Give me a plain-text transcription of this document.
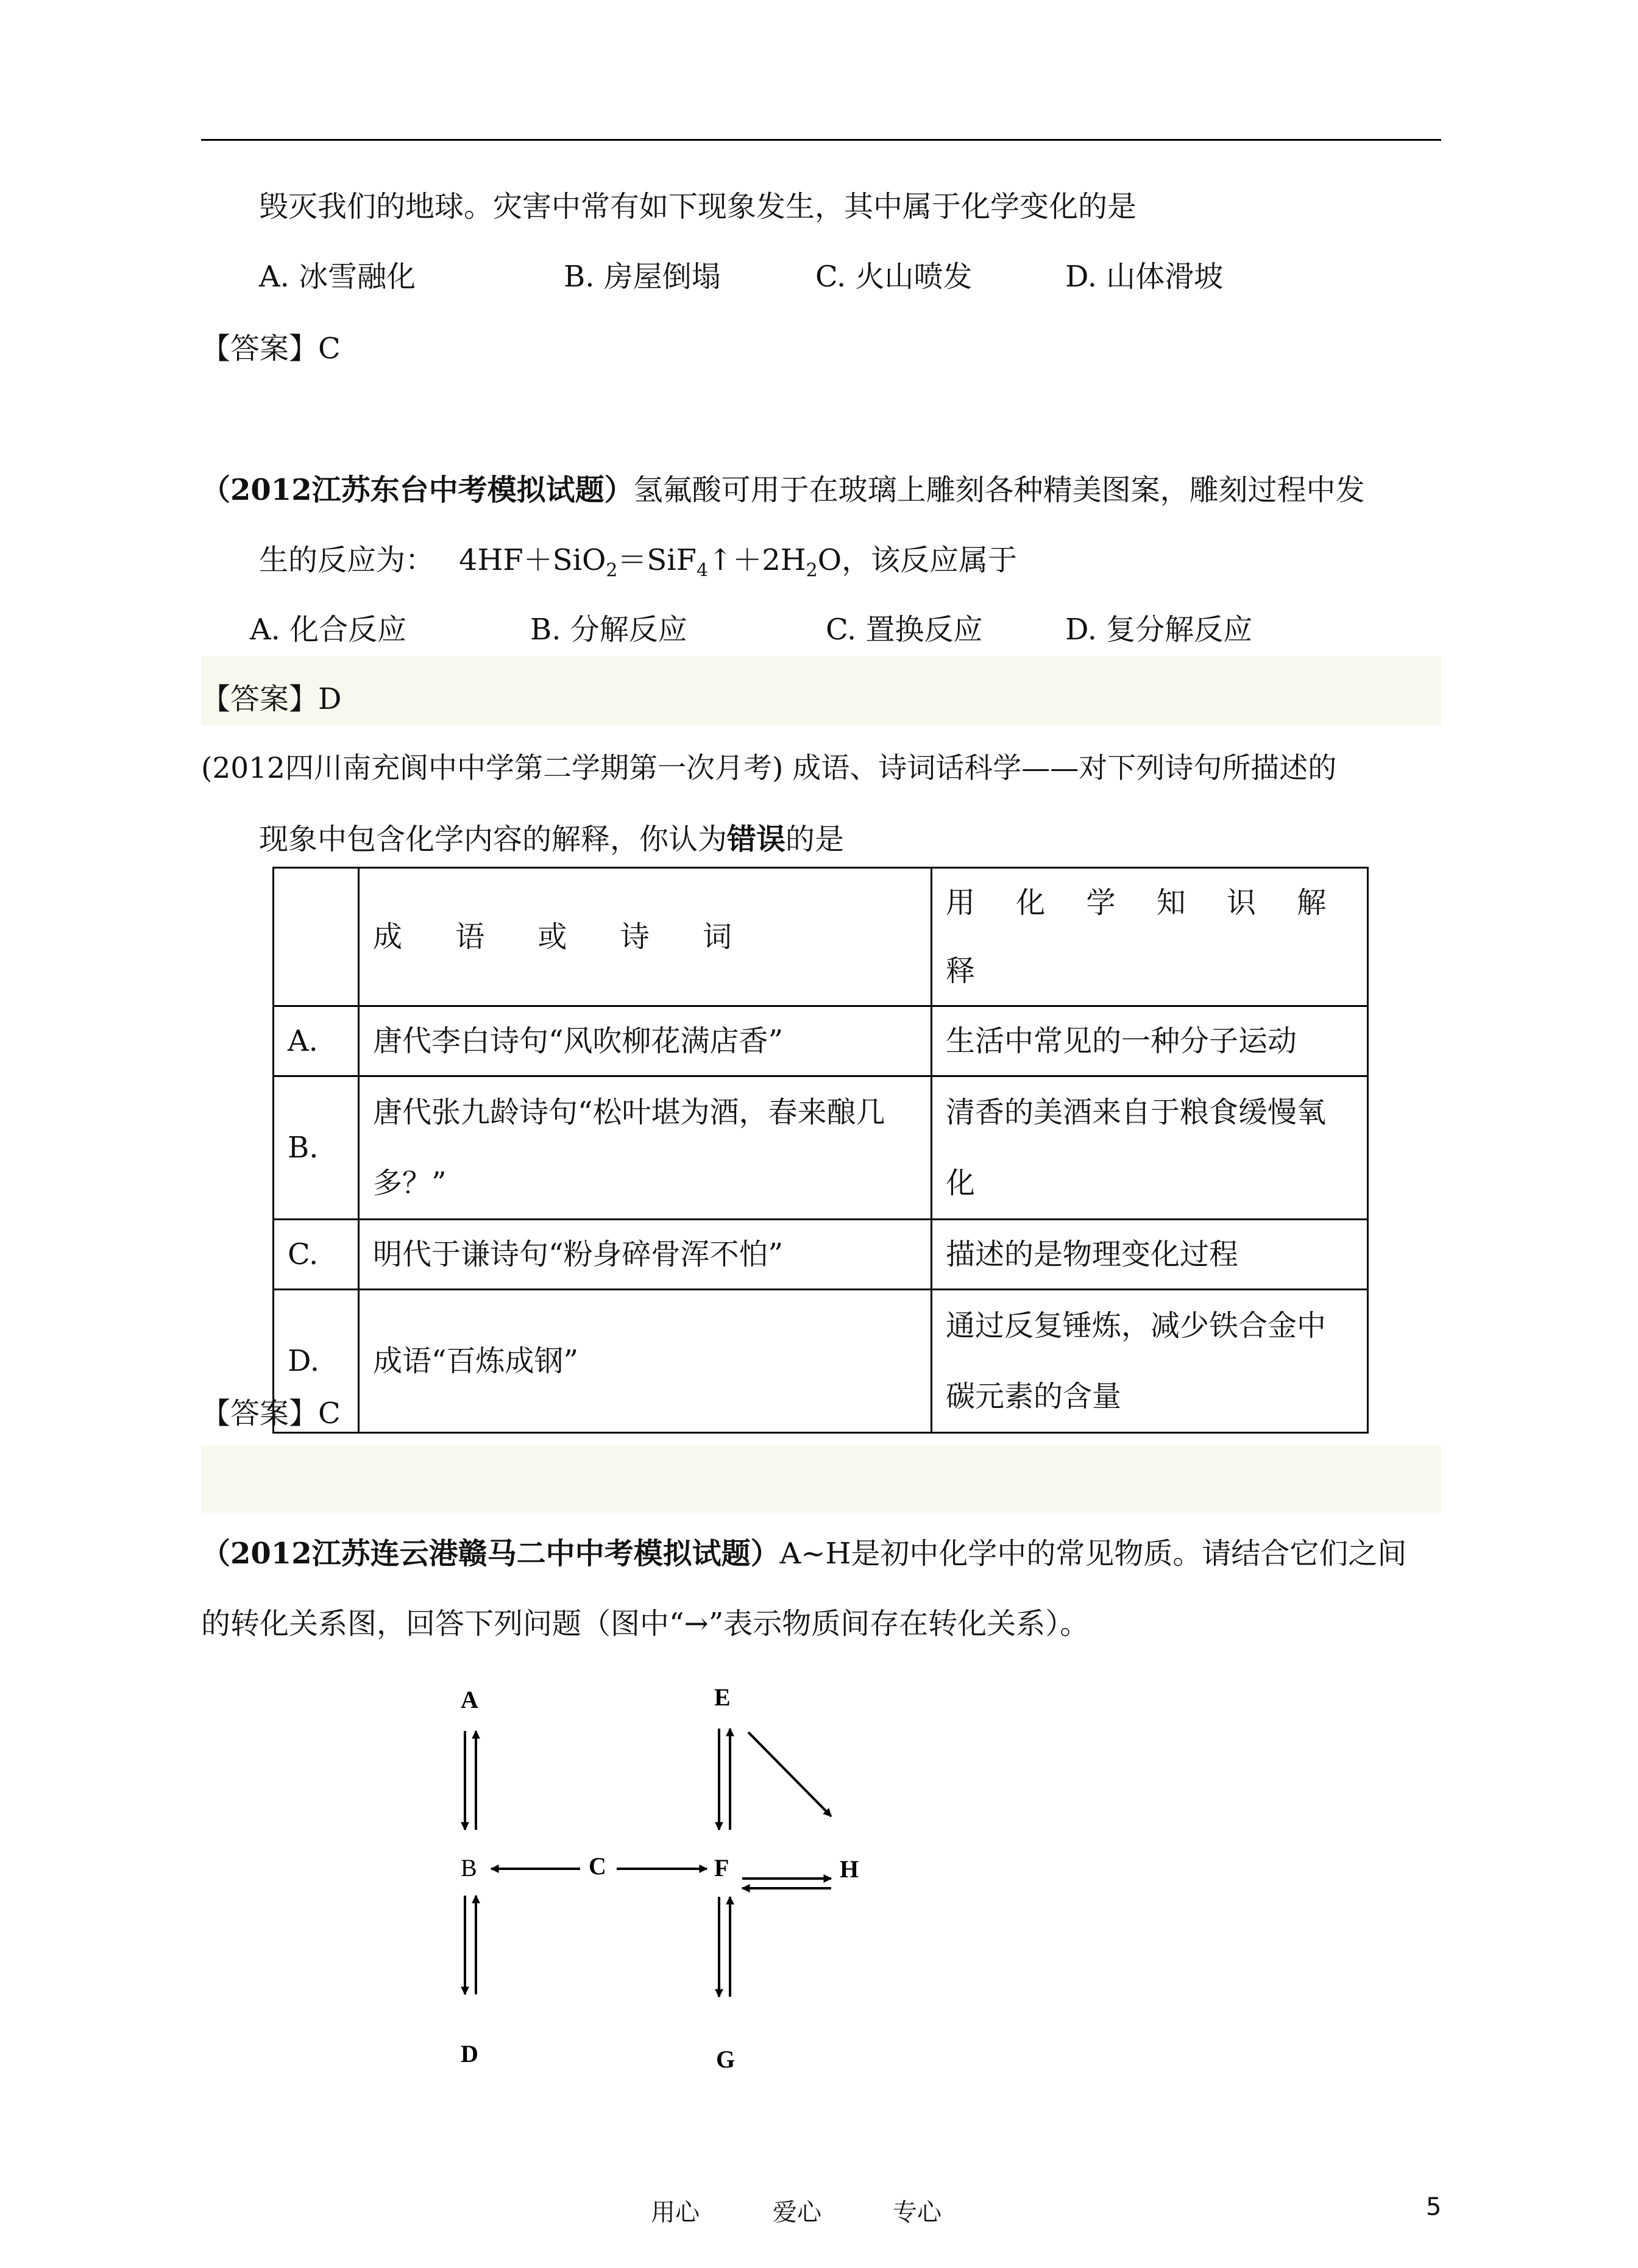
毁灭我们的地球。灾害中常有如下现象发生，其中属于化学变化的是
A. 冰雪融化	B. 房屋倒塌	C. 火山喷发	D. 山体滑坡
【答案】C
（2012江苏东台中考模拟试题）氢氟酸可用于在玻璃上雕刻各种精美图案，雕刻过程中发
生的反应为： $4HF+SiO_2=SiF_4↑+2H_2O$，该反应属于
A. 化合反应	B. 分解反应	C. 置换反应	D. 复分解反应
【答案】D
(2012四川南充阆中中学第二学期第一次月考) 成语、诗词话科学——对下列诗句所描述的
现象中包含化学内容的解释，你认为错误的是
	成 语 或 诗 词	用 化 学 知 识 解 释
A.	唐代李白诗句“风吹柳花满店香”	生活中常见的一种分子运动
B.	唐代张九龄诗句“松叶堪为酒，春来酿几多？”	清香的美酒来自于粮食缓慢氧化
C.	明代于谦诗句“粉身碎骨浑不怕”	描述的是物理变化过程
D.	成语“百炼成钢”	通过反复锤炼，减少铁合金中碳元素的含量
【答案】C
（2012江苏连云港赣马二中中考模拟试题）A~H是初中化学中的常见物质。请结合它们之间
的转化关系图，回答下列问题（图中“→”表示物质间存在转化关系）。
A
B	C
D
E
F
G
H
用心	爱心	专心	5
